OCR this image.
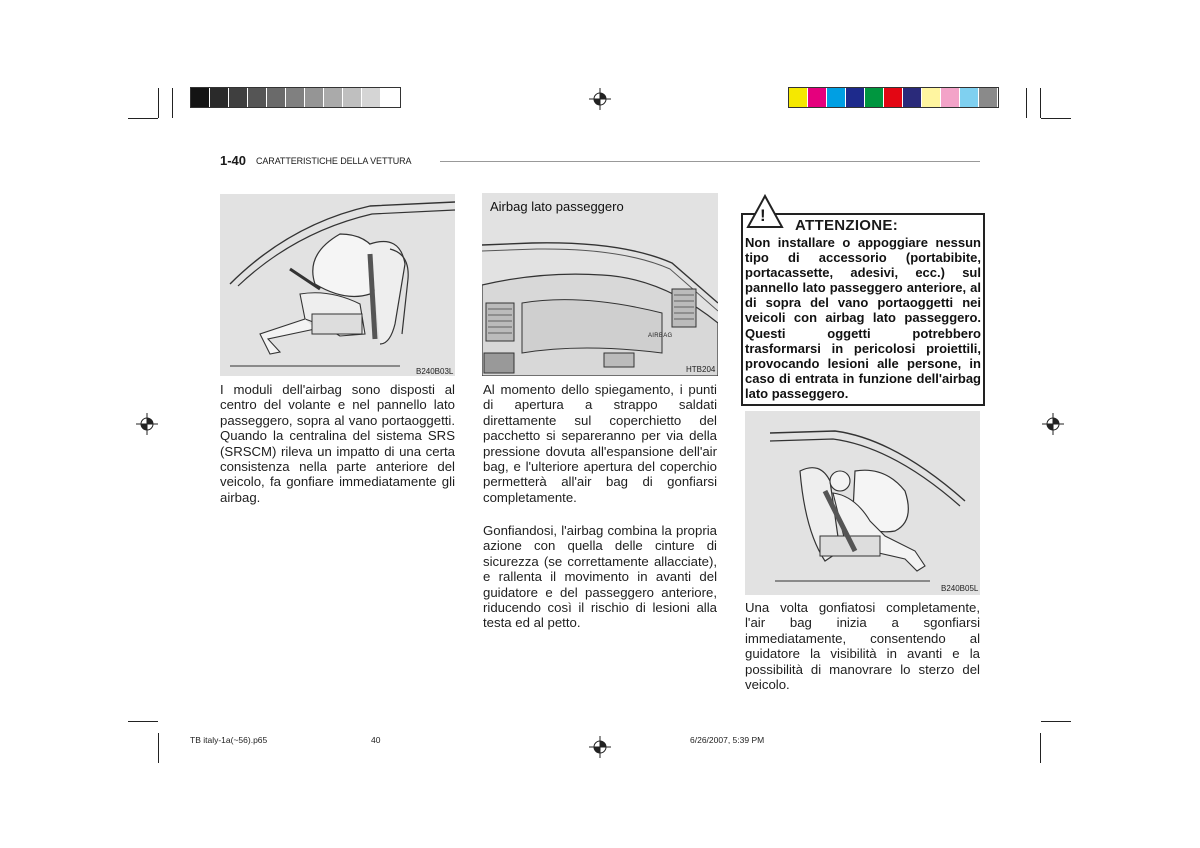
1-40 CARATTERISTICHE DELLA VETTURA
B240B03L
I moduli dell'airbag sono disposti al centro del volante e nel pannello lato passeggero, sopra al vano portaoggetti. Quando la centralina del sistema SRS (SRSCM) rileva un impatto di una certa consistenza nella parte anteriore del veicolo, fa gonfiare immediatamente gli airbag.
Airbag lato passeggero
AIRBAG
HTB204
Al momento dello spiegamento, i punti di apertura a strappo saldati direttamente sul coperchietto del pacchetto si separeranno per via della pressione dovuta all'espansione dell'air bag, e l'ulteriore apertura del coperchio permetterà all'air bag di gonfiarsi completamente.
Gonfiandosi, l'airbag combina la propria azione con quella delle cinture di sicurezza (se correttamente allacciate), e rallenta il movimento in avanti del guidatore e del passeggero anteriore, riducendo così il rischio di lesioni alla testa ed al petto.
!
ATTENZIONE:
Non installare o appoggiare nessun tipo di accessorio (portabibite, portacassette, adesivi, ecc.) sul pannello lato passeggero anteriore, al di sopra del vano portaoggetti nei veicoli con airbag lato passeggero. Questi oggetti potrebbero trasformarsi in pericolosi proiettili, provocando lesioni alle persone, in caso di entrata in funzione dell'airbag lato passeggero.
B240B05L
Una volta gonfiatosi completamente, l'air bag inizia a sgonfiarsi immediatamente, consentendo al guidatore la visibilità in avanti e la possibilità di manovrare lo sterzo del veicolo.
TB italy-1a(~56).p65	40	6/26/2007, 5:39 PM
